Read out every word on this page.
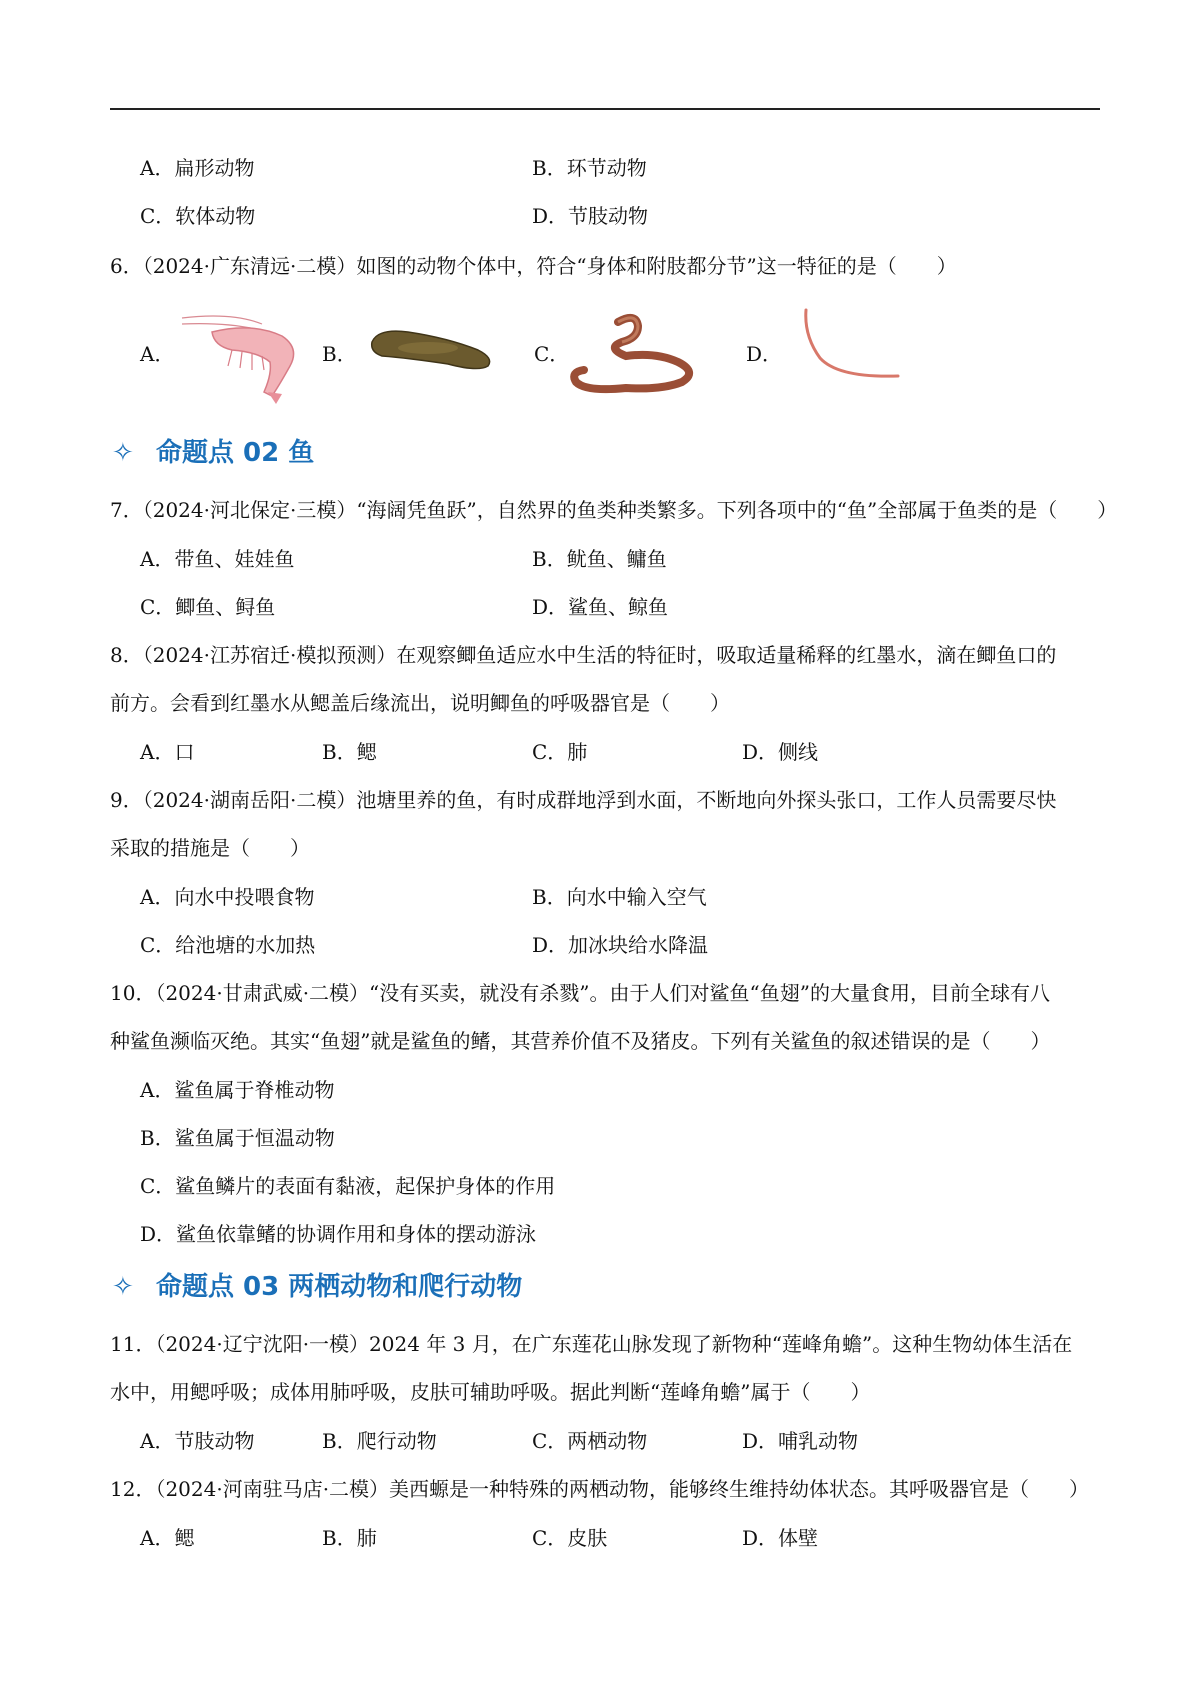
A．扁形动物	B．环节动物
C．软体动物	D．节肢动物
6．（2024·广东清远·二模）如图的动物个体中，符合“身体和附肢都分节”这一特征的是（　　）
A．	B．	C．	D．
✧ 命题点 02 鱼
7．（2024·河北保定·三模）“海阔凭鱼跃”，自然界的鱼类种类繁多。下列各项中的“鱼”全部属于鱼类的是（　　）
A．带鱼、娃娃鱼	B．鱿鱼、鳙鱼
C．鲫鱼、鲟鱼	D．鲨鱼、鲸鱼
8．（2024·江苏宿迁·模拟预测）在观察鲫鱼适应水中生活的特征时，吸取适量稀释的红墨水，滴在鲫鱼口的
前方。会看到红墨水从鳃盖后缘流出，说明鲫鱼的呼吸器官是（　　）
A．口	B．鳃	C．肺	D．侧线
9．（2024·湖南岳阳·二模）池塘里养的鱼，有时成群地浮到水面，不断地向外探头张口，工作人员需要尽快
采取的措施是（　　）
A．向水中投喂食物	B．向水中输入空气
C．给池塘的水加热	D．加冰块给水降温
10．（2024·甘肃武威·二模）“没有买卖，就没有杀戮”。由于人们对鲨鱼“鱼翅”的大量食用，目前全球有八
种鲨鱼濒临灭绝。其实“鱼翅”就是鲨鱼的鳍，其营养价值不及猪皮。下列有关鲨鱼的叙述错误的是（　　）
A．鲨鱼属于脊椎动物
B．鲨鱼属于恒温动物
C．鲨鱼鳞片的表面有黏液，起保护身体的作用
D．鲨鱼依靠鳍的协调作用和身体的摆动游泳
✧ 命题点 03 两栖动物和爬行动物
11．（2024·辽宁沈阳·一模）2024 年 3 月，在广东莲花山脉发现了新物种“莲峰角蟾”。这种生物幼体生活在
水中，用鳃呼吸；成体用肺呼吸，皮肤可辅助呼吸。据此判断“莲峰角蟾”属于（　　）
A．节肢动物	B．爬行动物	C．两栖动物	D．哺乳动物
12．（2024·河南驻马店·二模）美西螈是一种特殊的两栖动物，能够终生维持幼体状态。其呼吸器官是（　　）
A．鳃	B．肺	C．皮肤	D．体壁
